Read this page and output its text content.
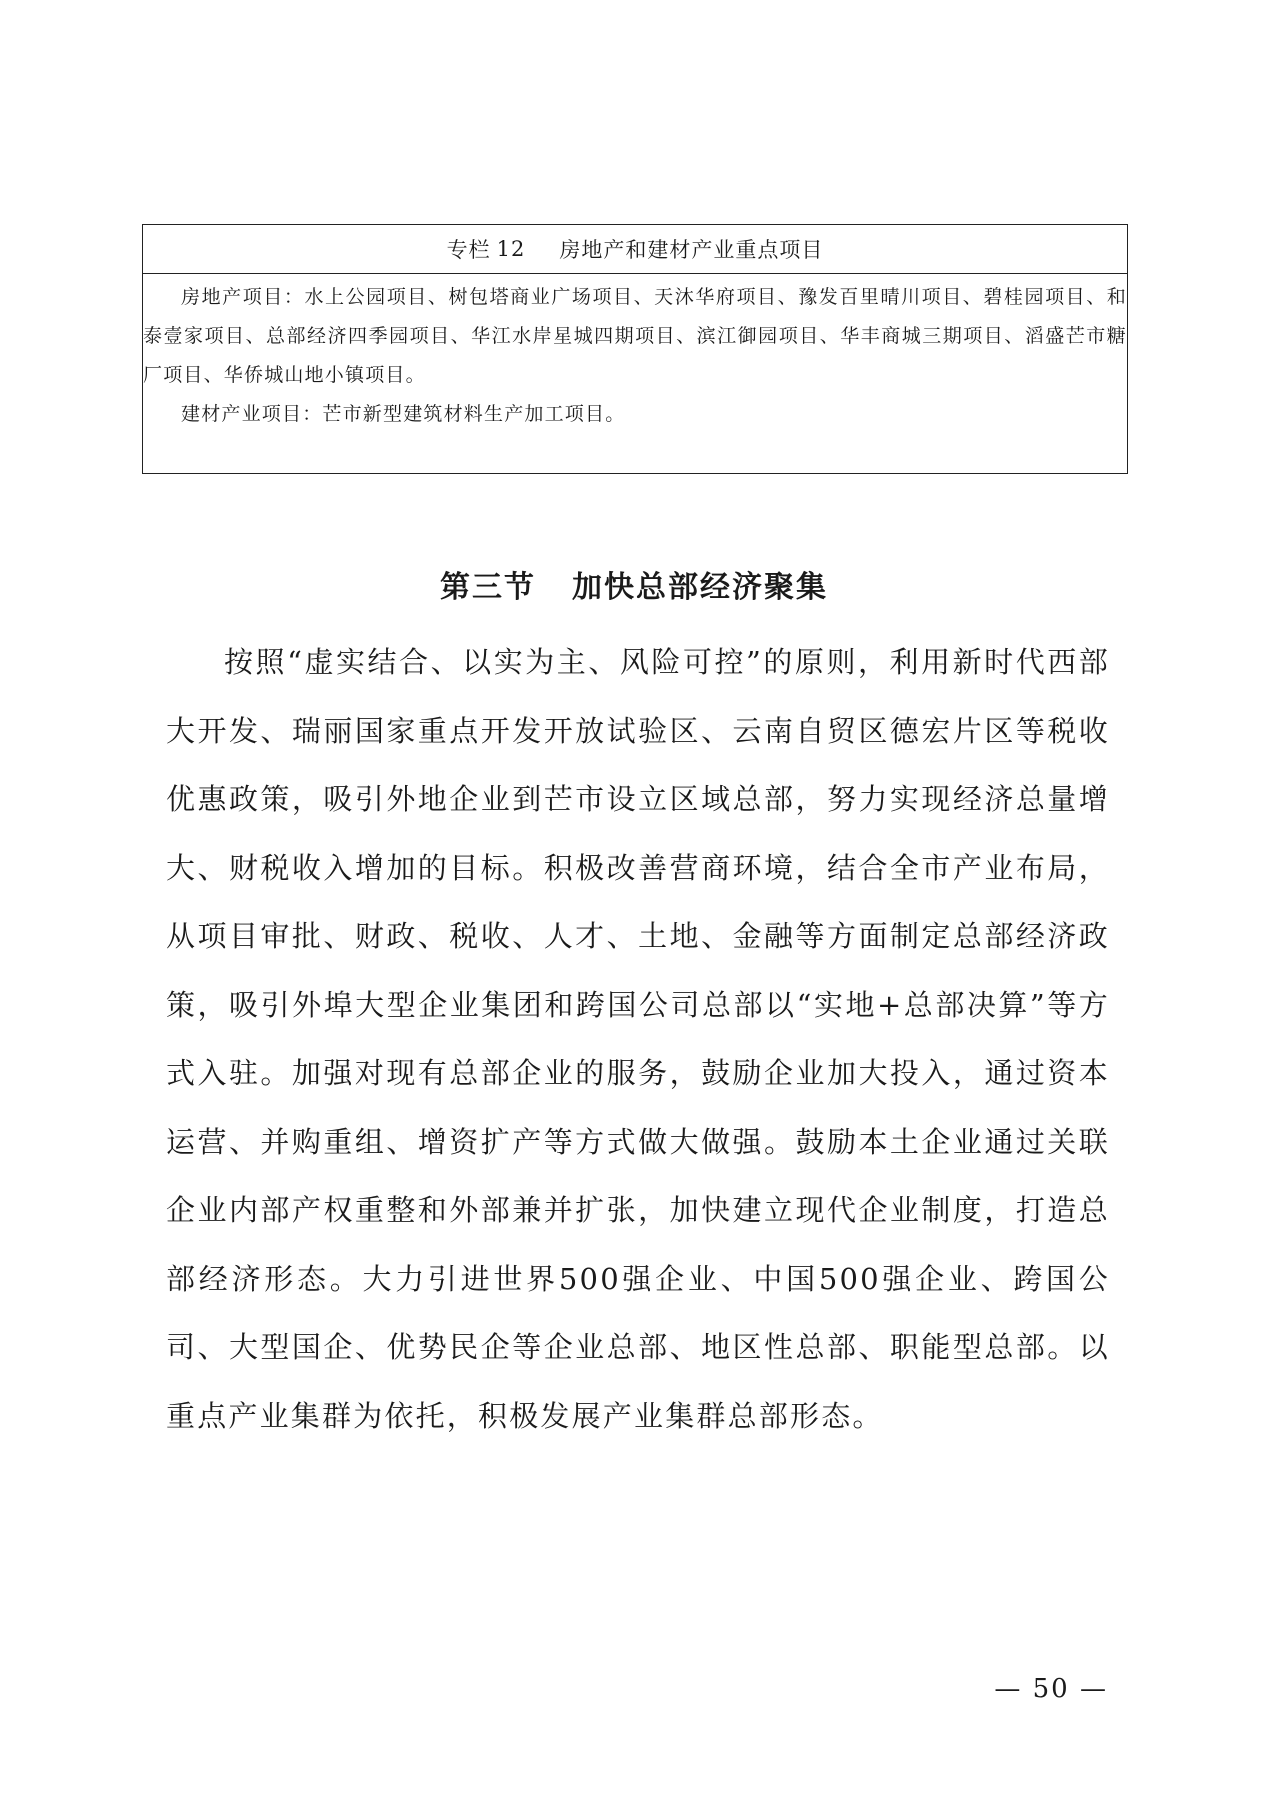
专栏 12 房地产和建材产业重点项目

房地产项目：水上公园项目、树包塔商业广场项目、天沐华府项目、豫发百里晴川项目、碧桂园项目、和泰壹家项目、总部经济四季园项目、华江水岸星城四期项目、滨江御园项目、华丰商城三期项目、滔盛芒市糖厂项目、华侨城山地小镇项目。

建材产业项目：芒市新型建筑材料生产加工项目。

第三节 加快总部经济聚集

按照“虚实结合、以实为主、风险可控”的原则，利用新时代西部大开发、瑞丽国家重点开发开放试验区、云南自贸区德宏片区等税收优惠政策，吸引外地企业到芒市设立区域总部，努力实现经济总量增大、财税收入增加的目标。积极改善营商环境，结合全市产业布局，从项目审批、财政、税收、人才、土地、金融等方面制定总部经济政策，吸引外埠大型企业集团和跨国公司总部以“实地+总部决算”等方式入驻。加强对现有总部企业的服务，鼓励企业加大投入，通过资本运营、并购重组、增资扩产等方式做大做强。鼓励本土企业通过关联企业内部产权重整和外部兼并扩张，加快建立现代企业制度，打造总部经济形态。大力引进世界500强企业、中国500强企业、跨国公司、大型国企、优势民企等企业总部、地区性总部、职能型总部。以重点产业集群为依托，积极发展产业集群总部形态。

— 50 —
